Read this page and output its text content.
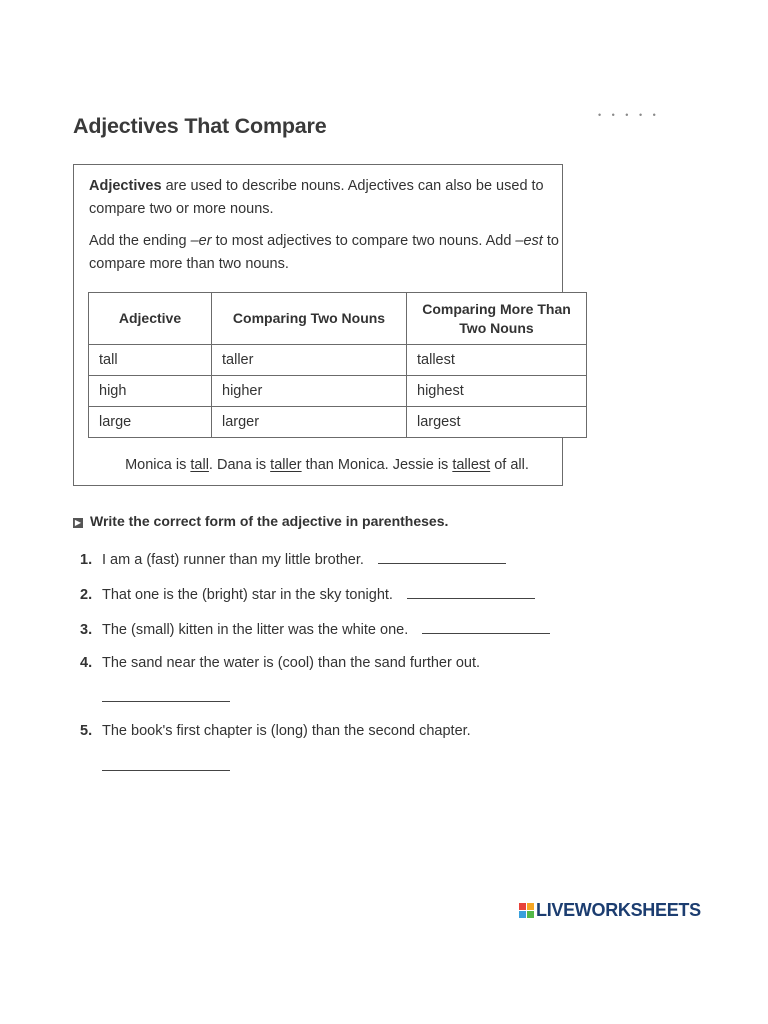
• • • • •
Adjectives That Compare

Adjectives are used to describe nouns. Adjectives can also be used to compare two or more nouns.

Add the ending –er to most adjectives to compare two nouns. Add –est to compare more than two nouns.

Adjective	Comparing Two Nouns	Comparing More Than Two Nouns
tall	taller	tallest
high	higher	highest
large	larger	largest
Monica is tall. Dana is taller than Monica. Jessie is tallest of all.
▶ Write the correct form of the adjective in parentheses.
1. I am a (fast) runner than my little brother.
2. That one is the (bright) star in the sky tonight.
3. The (small) kitten in the litter was the white one.
4. The sand near the water is (cool) than the sand further out.
5. The book's first chapter is (long) than the second chapter.
LIVEWORKSHEETS
